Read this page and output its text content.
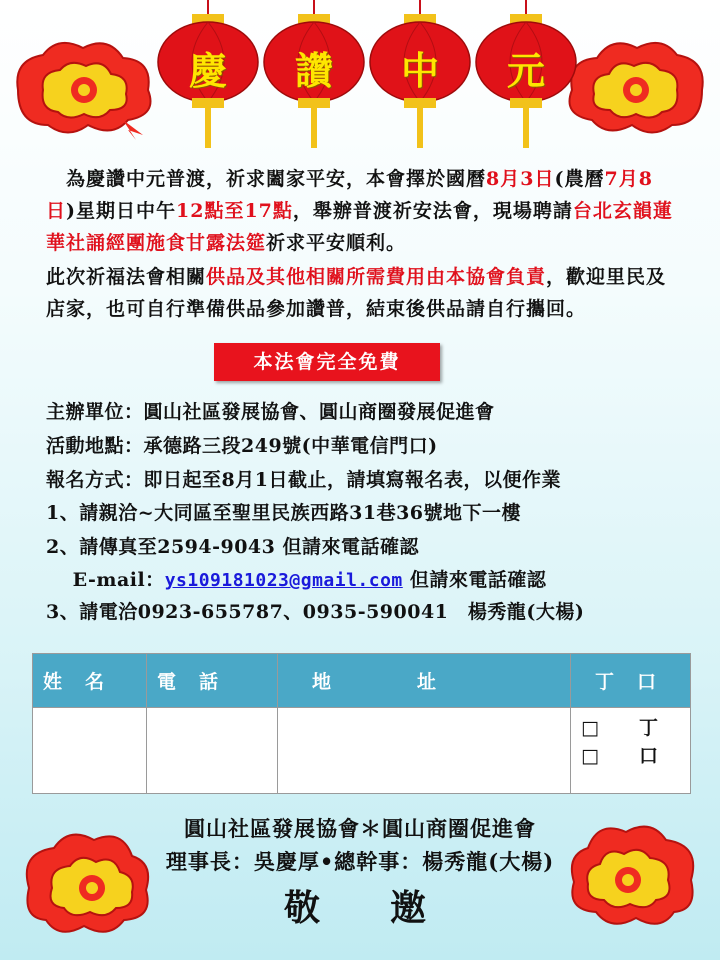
慶	讚	中	元
　為慶讚中元普渡，祈求闔家平安，本會擇於國曆8月3日(農曆7月8日)星期日中午12點至17點，舉辦普渡祈安法會，現場聘請台北玄韻蓮華社誦經團施食甘露法筵祈求平安順利。
此次祈福法會相關供品及其他相關所需費用由本協會負責，歡迎里民及店家，也可自行準備供品參加讚普，結束後供品請自行攜回。
本法會完全免費
主辦單位：圓山社區發展協會、圓山商圈發展促進會
活動地點：承德路三段249號(中華電信門口)
報名方式：即日起至8月1日截止，請填寫報名表，以便作業
1、請親洽~大同區至聖里民族西路31巷36號地下一樓
2、請傳真至2594-9043 但請來電話確認
　 E-mail：ys109181023@gmail.com 但請來電話確認
3、請電洽0923-655787、0935-590041　楊秀龍(大楊)
姓　名	電　話	地　　　　址	丁　口

			□ 丁
□ 口
圓山社區發展協會＊圓山商圈促進會
理事長：吳慶厚•總幹事：楊秀龍(大楊)
敬邀
